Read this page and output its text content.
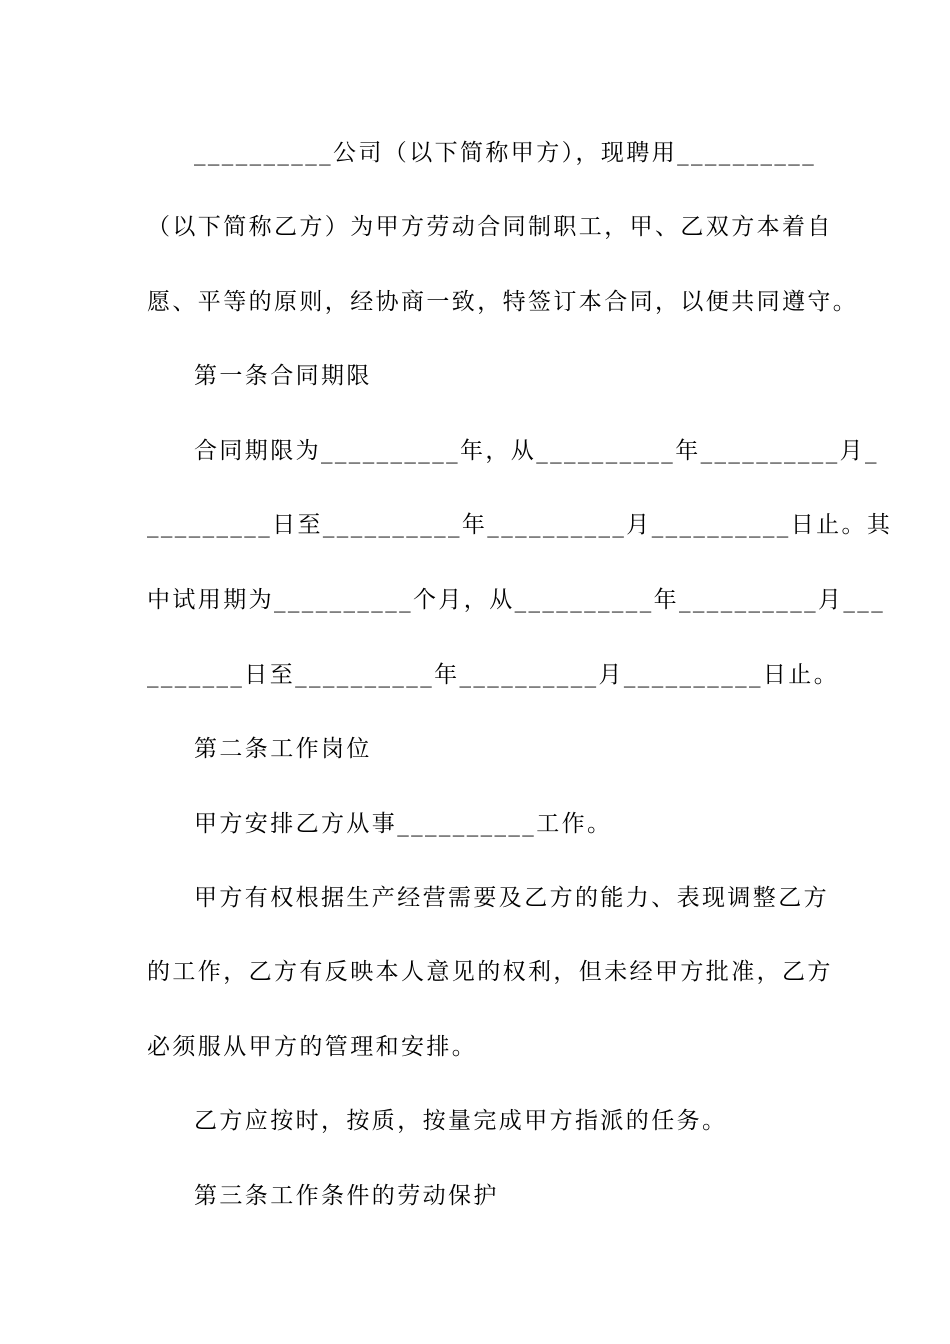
__________公司（以下简称甲方），现聘用__________
（以下简称乙方）为甲方劳动合同制职工，甲、乙双方本着自
愿、平等的原则，经协商一致，特签订本合同，以便共同遵守。
第一条合同期限
合同期限为__________年，从__________年__________月_
_________日至__________年__________月__________日止。其
中试用期为__________个月，从__________年__________月___
_______日至__________年__________月__________日止。
第二条工作岗位
甲方安排乙方从事__________工作。
甲方有权根据生产经营需要及乙方的能力、表现调整乙方
的工作，乙方有反映本人意见的权利，但未经甲方批准，乙方
必须服从甲方的管理和安排。
乙方应按时，按质，按量完成甲方指派的任务。
第三条工作条件的劳动保护
